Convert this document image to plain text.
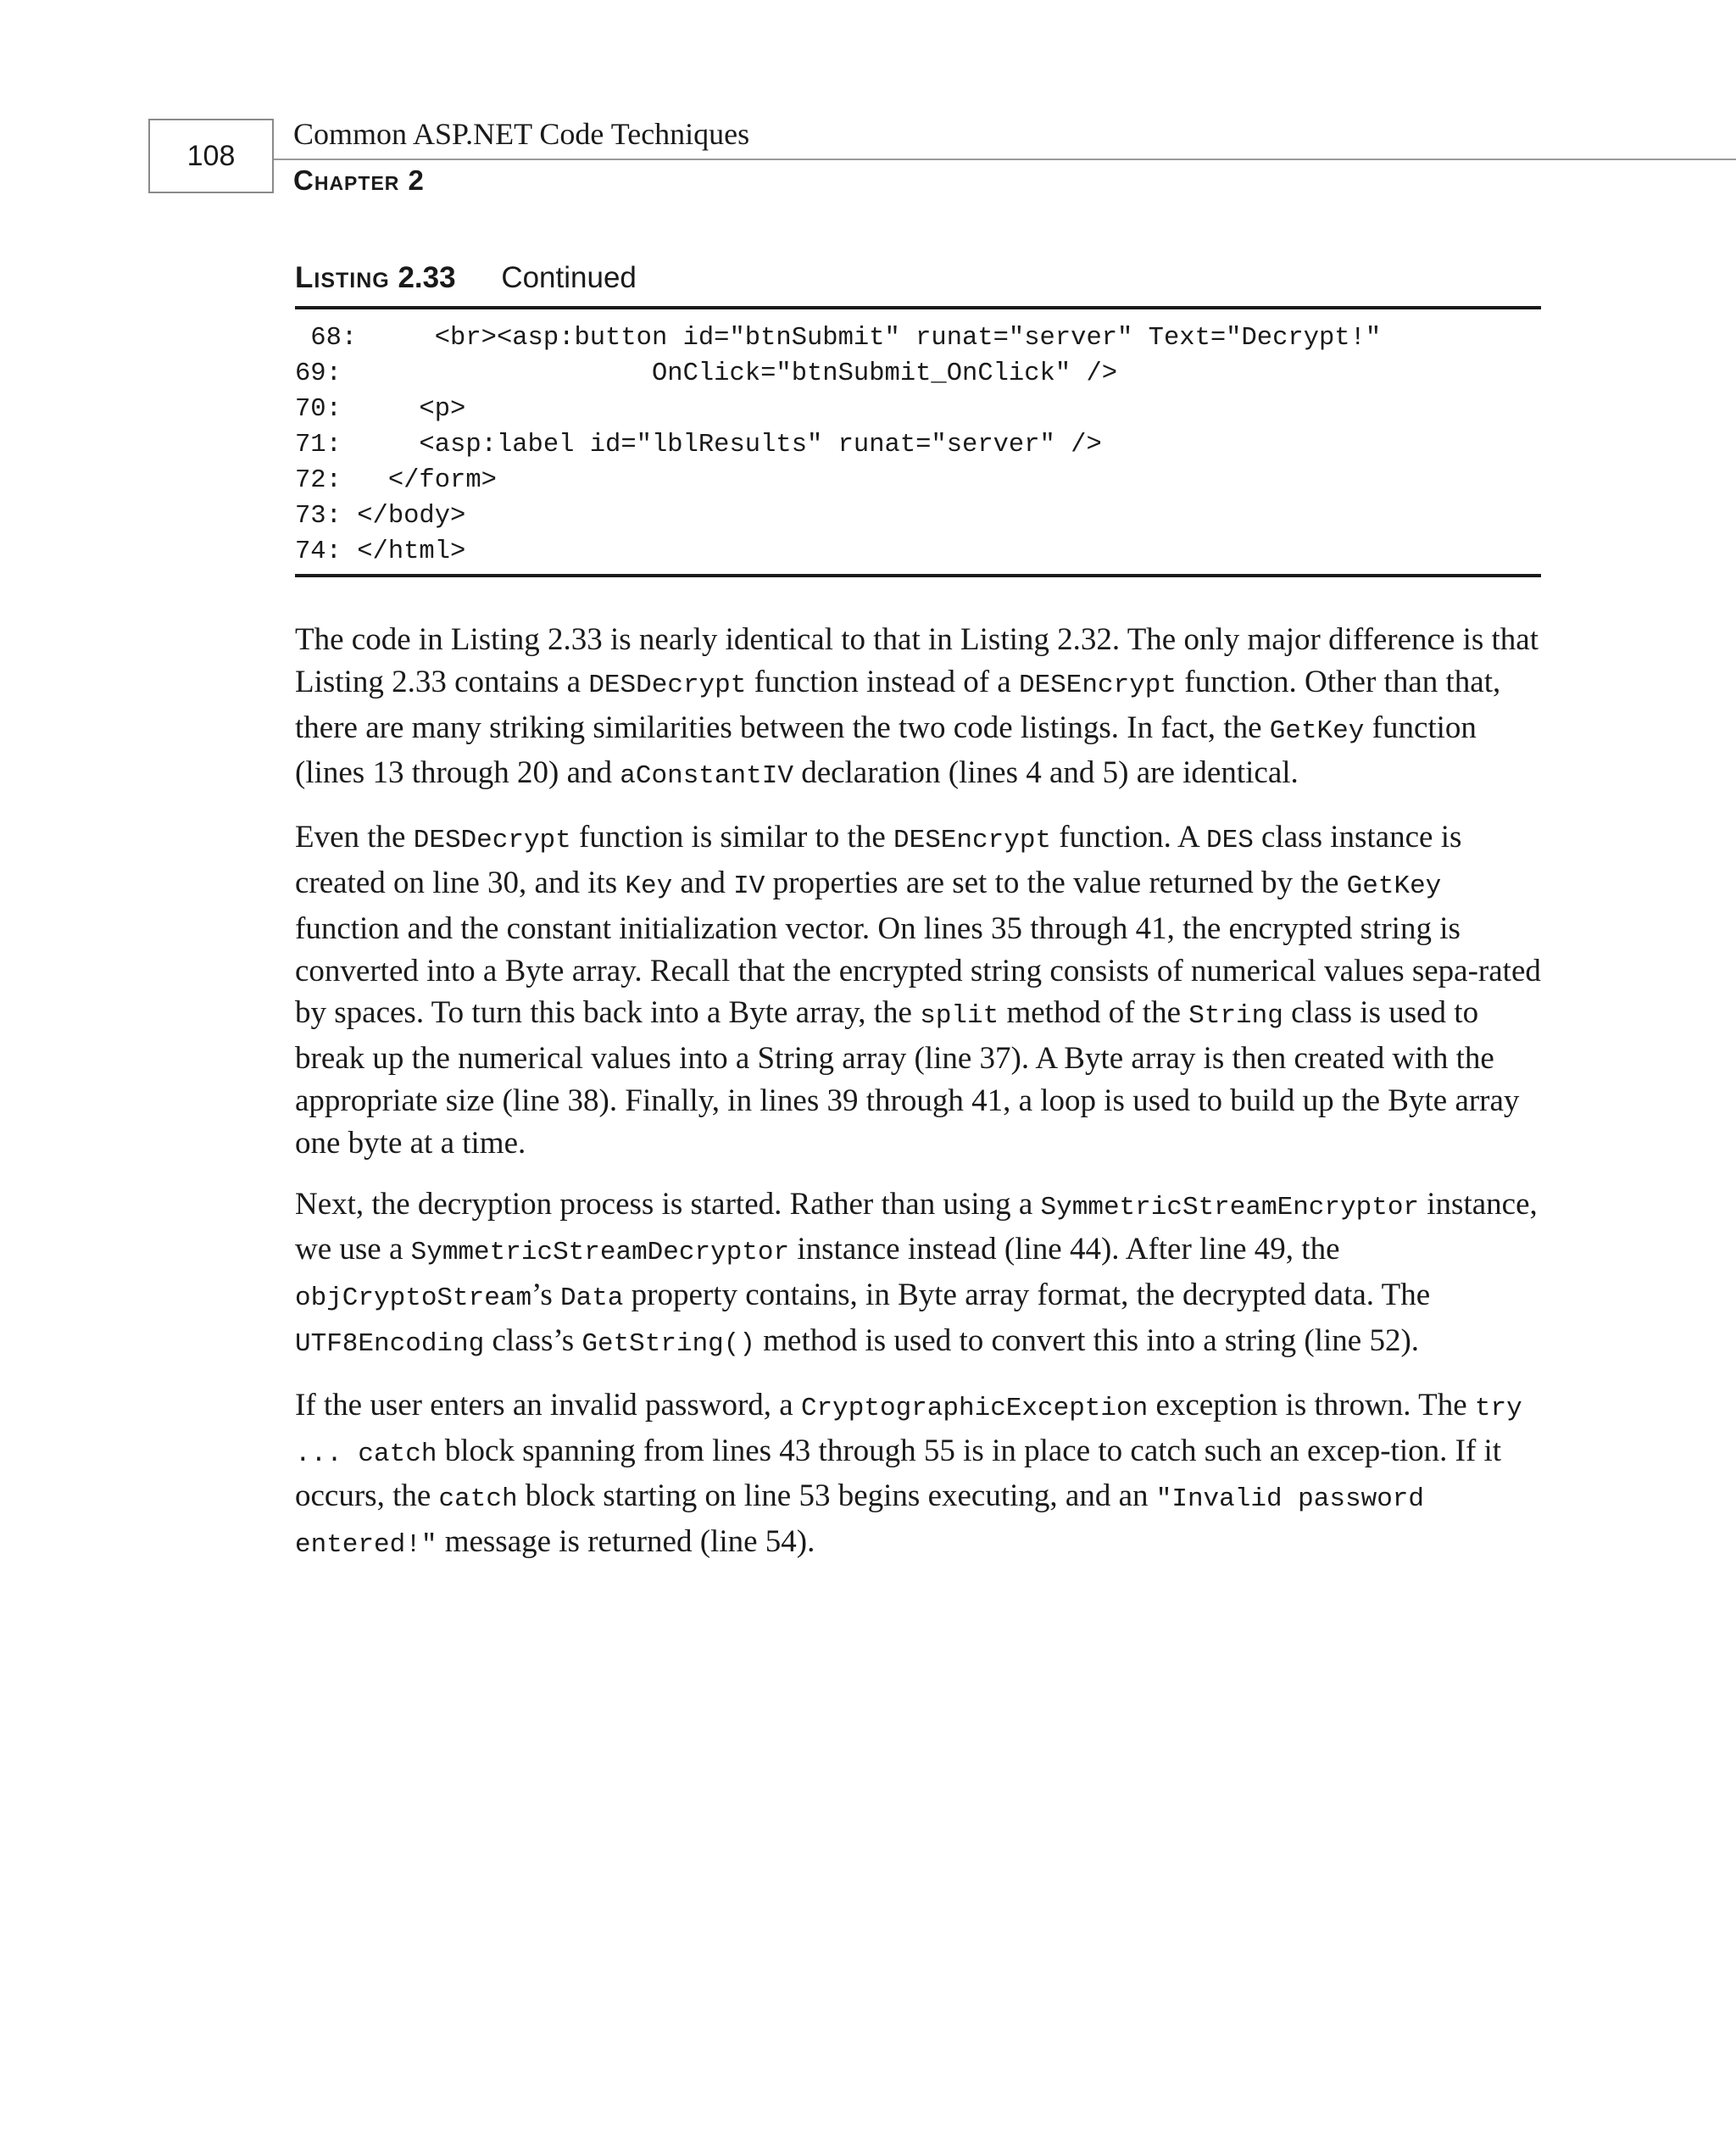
108
Common ASP.NET Code Techniques
Chapter 2
Listing 2.33 Continued
68:     <br><asp:button id="btnSubmit" runat="server" Text="Decrypt!"
69:                    OnClick="btnSubmit_OnClick" />
70:     <p>
71:     <asp:label id="lblResults" runat="server" />
72:   </form>
73: </body>
74: </html>

The code in Listing 2.33 is nearly identical to that in Listing 2.32. The only major difference is that Listing 2.33 contains a DESDecrypt function instead of a DESEncrypt function. Other than that, there are many striking similarities between the two code listings. In fact, the GetKey function (lines 13 through 20) and aConstantIV declaration (lines 4 and 5) are identical.

Even the DESDecrypt function is similar to the DESEncrypt function. A DES class instance is created on line 30, and its Key and IV properties are set to the value returned by the GetKey function and the constant initialization vector. On lines 35 through 41, the encrypted string is converted into a Byte array. Recall that the encrypted string consists of numerical values sepa-rated by spaces. To turn this back into a Byte array, the split method of the String class is used to break up the numerical values into a String array (line 37). A Byte array is then created with the appropriate size (line 38). Finally, in lines 39 through 41, a loop is used to build up the Byte array one byte at a time.

Next, the decryption process is started. Rather than using a SymmetricStreamEncryptor instance, we use a SymmetricStreamDecryptor instance instead (line 44). After line 49, the objCryptoStream’s Data property contains, in Byte array format, the decrypted data. The UTF8Encoding class’s GetString() method is used to convert this into a string (line 52).

If the user enters an invalid password, a CryptographicException exception is thrown. The try ... catch block spanning from lines 43 through 55 is in place to catch such an excep-tion. If it occurs, the catch block starting on line 53 begins executing, and an "Invalid password entered!" message is returned (line 54).
